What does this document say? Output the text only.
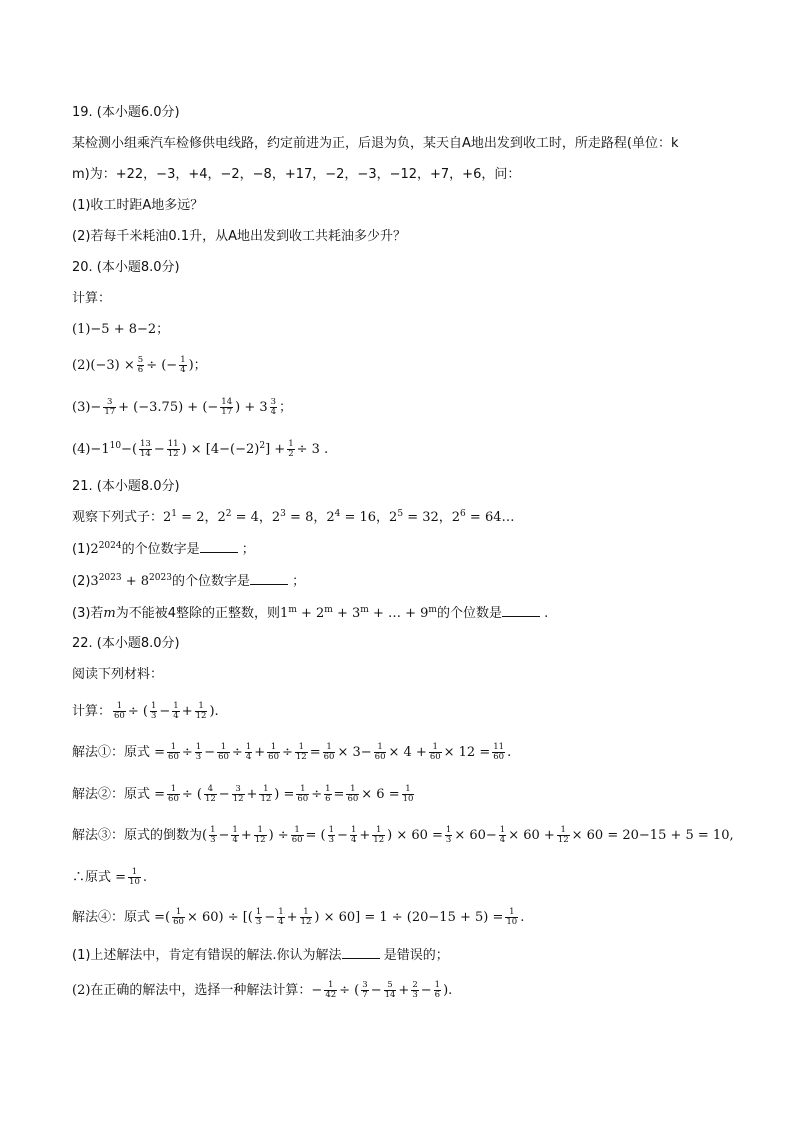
19. (本小题6.0分)
某检测小组乘汽车检修供电线路，约定前进为正，后退为负，某天自A地出发到收工时，所走路程(单位：k
m)为：+22，−3，+4，−2，−8，+17，−2，−3，−12，+7，+6，问：
(1)收工时距A地多远？
(2)若每千米耗油0.1升，从A地出发到收工共耗油多少升？
20. (本小题8.0分)
计算：
(1)−5 + 8−2；
$(2)(-3) \times \frac{5}{6}$ ÷ (− $\frac{1}{4}$ )；
$(3)- \frac{3}{17} + (-3.75)$ + (− $\frac{14}{17}$ ) + $3 \frac{3}{4}$ ；
$(4)-1^{10}-( \frac{13}{14} - \frac{11}{12}$ ) × $[4-(-2)^2] + \frac{1}{2} \div 3$ .
21. (本小题8.0分)
观察下列式子：$2^1 = 2$，$2^2 = 4$，$2^3 = 8$，$2^4 = 16$，$2^5 = 32$，$2^6$ = 64…
$(1)2^{2024}$的个位数字是	；
$(2)3^{2023} + 8^{2023}$的个位数字是	；
(3)若m为不能被4整除的正整数，则$1^m + 2^m + 3^m$ + … + $9^m$的个位数是	.
22. (本小题8.0分)
阅读下列材料：
计算： $\frac{1}{60}$ ÷ ( $\frac{1}{3} - \frac{1}{4} + \frac{1}{12}$ ).
解法①：原式 = $\frac{1}{60} \div \frac{1}{3} - \frac{1}{60} \div \frac{1}{4} + \frac{1}{60} \div \frac{1}{12} = \frac{1}{60} \times 3- \frac{1}{60} \times 4 + \frac{1}{60} \times 12 = \frac{11}{60}$ .
解法②：原式 = $\frac{1}{60}$ ÷ ( $\frac{4}{12} - \frac{3}{12} + \frac{1}{12}$ ) = $\frac{1}{60} \div \frac{1}{6} = \frac{1}{60} \times 6 = \frac{1}{10}$
解法③：原式的倒数为( $\frac{1}{3} - \frac{1}{4} + \frac{1}{12}$ ) ÷ $\frac{1}{60}$ = ( $\frac{1}{3} - \frac{1}{4} + \frac{1}{12}$ ) × $60 = \frac{1}{3} \times 60- \frac{1}{4} \times 60 + \frac{1}{12} \times 60 = 20-15 + 5 = 10$,
∴原式 = $\frac{1}{10}$ .
解法④：原式 =( $\frac{1}{60} \times 60$) ÷ [( $\frac{1}{3} - \frac{1}{4} + \frac{1}{12}$ ) × $60] = 1 \div (20-15 + 5) = \frac{1}{10}$ .
(1)上述解法中，肯定有错误的解法.你认为解法	是错误的；
(2)在正确的解法中，选择一种解法计算：− $\frac{1}{42}$ ÷ ( $\frac{3}{7} - \frac{5}{14} + \frac{2}{3} - \frac{1}{6}$ ).
